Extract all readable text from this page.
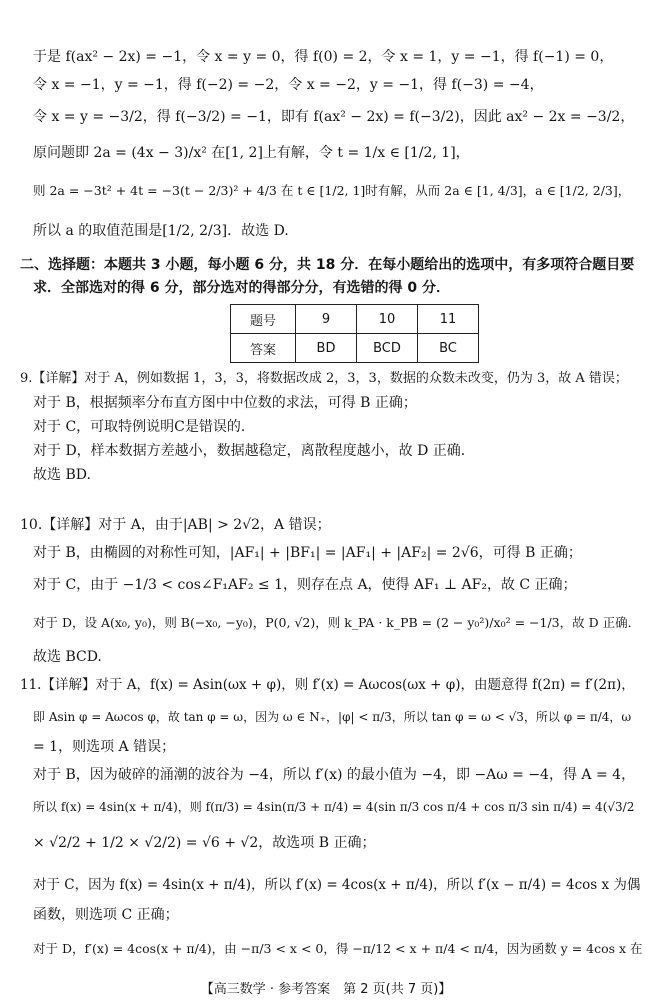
于是 f(ax² − 2x) = −1，令 x = y = 0，得 f(0) = 2，令 x = 1，y = −1，得 f(−1) = 0，
令 x = −1，y = −1，得 f(−2) = −2，令 x = −2，y = −1，得 f(−3) = −4，
令 x = y = −3/2，得 f(−3/2) = −1，即有 f(ax² − 2x) = f(−3/2)，因此 ax² − 2x = −3/2，
原问题即 2a = (4x − 3)/x² 在[1, 2]上有解，令 t = 1/x ∈ [1/2, 1]，
则 2a = −3t² + 4t = −3(t − 2/3)² + 4/3 在 t ∈ [1/2, 1]时有解，从而 2a ∈ [1, 4/3]，a ∈ [1/2, 2/3]，
所以 a 的取值范围是[1/2, 2/3]．故选 D.
二、选择题：本题共 3 小题，每小题 6 分，共 18 分．在每小题给出的选项中，有多项符合题目要
求．全部选对的得 6 分，部分选对的得部分分，有选错的得 0 分．
题号	9	10	11
答案	BD	BCD	BC
9.【详解】对于 A，例如数据 1，3，3，将数据改成 2，3，3，数据的众数未改变，仍为 3，故 A 错误；
对于 B，根据频率分布直方图中中位数的求法，可得 B 正确；
对于 C，可取特例说明C是错误的．
对于 D，样本数据方差越小，数据越稳定，离散程度越小，故 D 正确．
故选 BD.
10.【详解】对于 A，由于|AB| > 2√2，A 错误；
对于 B，由椭圆的对称性可知，|AF₁| + |BF₁| = |AF₁| + |AF₂| = 2√6，可得 B 正确；
对于 C，由于 −1/3 < cos∠F₁AF₂ ≤ 1，则存在点 A，使得 AF₁ ⊥ AF₂，故 C 正确；
对于 D，设 A(x₀, y₀)，则 B(−x₀, −y₀)，P(0, √2)，则 k_PA · k_PB = (2 − y₀²)/x₀² = −1/3，故 D 正确．
故选 BCD.
11.【详解】对于 A，f(x) = Asin(ωx + φ)，则 f′(x) = Aωcos(ωx + φ)，由题意得 f(2π) = f′(2π)，
即 Asin φ = Aωcos φ，故 tan φ = ω，因为 ω ∈ N₊，|φ| < π/3，所以 tan φ = ω < √3，所以 φ = π/4，ω
= 1，则选项 A 错误；
对于 B，因为破碎的涌潮的波谷为 −4，所以 f′(x) 的最小值为 −4，即 −Aω = −4，得 A = 4，
所以 f(x) = 4sin(x + π/4)，则 f(π/3) = 4sin(π/3 + π/4) = 4(sin π/3 cos π/4 + cos π/3 sin π/4) = 4(√3/2
× √2/2 + 1/2 × √2/2) = √6 + √2，故选项 B 正确；
对于 C，因为 f(x) = 4sin(x + π/4)，所以 f′(x) = 4cos(x + π/4)，所以 f′(x − π/4) = 4cos x 为偶
函数，则选项 C 正确；
对于 D，f′(x) = 4cos(x + π/4)，由 −π/3 < x < 0，得 −π/12 < x + π/4 < π/4，因为函数 y = 4cos x 在
【高三数学 · 参考答案　第 2 页(共 7 页)】
